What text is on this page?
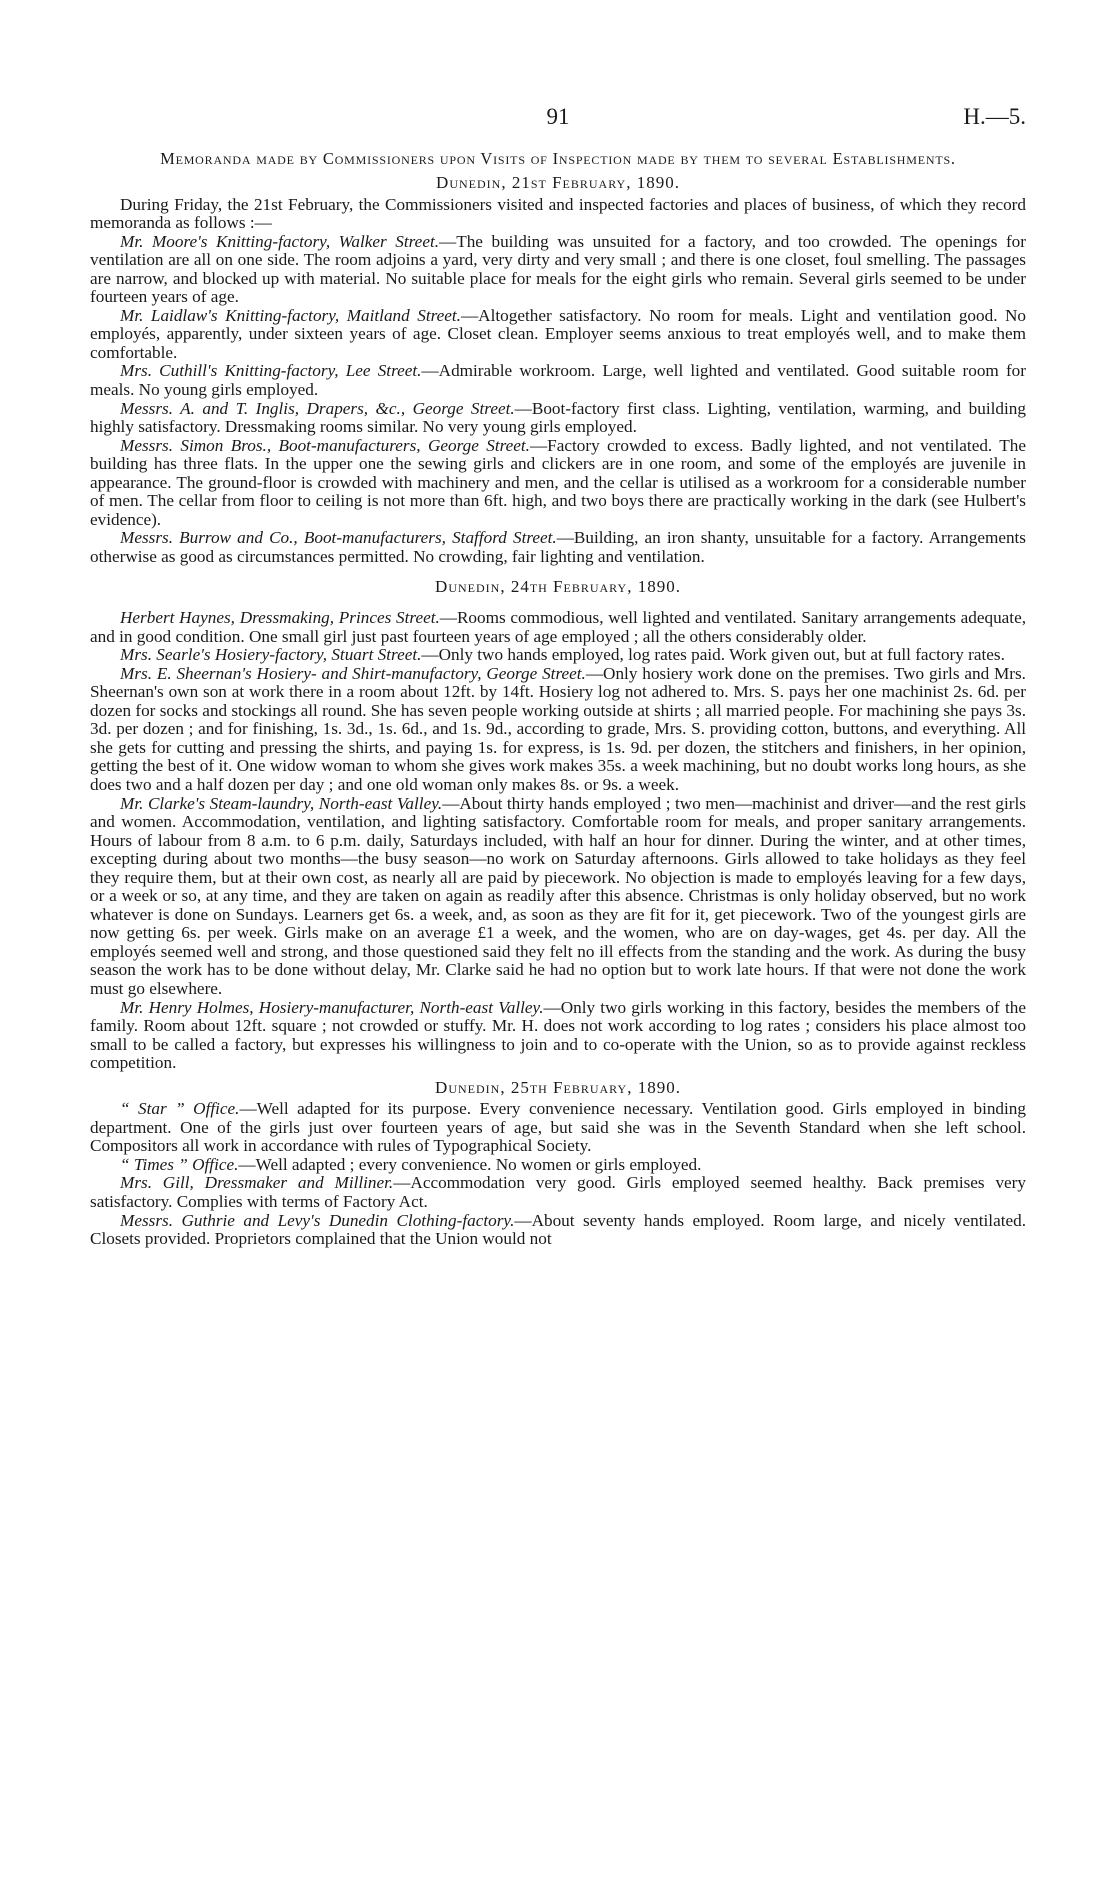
91	H.—5.
Memoranda made by Commissioners upon Visits of Inspection made by them to several Establishments.
Dunedin, 21st February, 1890.

During Friday, the 21st February, the Commissioners visited and inspected factories and places of business, of which they record memoranda as follows :—

Mr. Moore's Knitting-factory, Walker Street.—The building was unsuited for a factory, and too crowded. The openings for ventilation are all on one side. The room adjoins a yard, very dirty and very small ; and there is one closet, foul smelling. The passages are narrow, and blocked up with material. No suitable place for meals for the eight girls who remain. Several girls seemed to be under fourteen years of age.

Mr. Laidlaw's Knitting-factory, Maitland Street.—Altogether satisfactory. No room for meals. Light and ventilation good. No employés, apparently, under sixteen years of age. Closet clean. Employer seems anxious to treat employés well, and to make them comfortable.

Mrs. Cuthill's Knitting-factory, Lee Street.—Admirable workroom. Large, well lighted and ventilated. Good suitable room for meals. No young girls employed.

Messrs. A. and T. Inglis, Drapers, &c., George Street.—Boot-factory first class. Lighting, ventilation, warming, and building highly satisfactory. Dressmaking rooms similar. No very young girls employed.

Messrs. Simon Bros., Boot-manufacturers, George Street.—Factory crowded to excess. Badly lighted, and not ventilated. The building has three flats. In the upper one the sewing girls and clickers are in one room, and some of the employés are juvenile in appearance. The ground-floor is crowded with machinery and men, and the cellar is utilised as a workroom for a considerable number of men. The cellar from floor to ceiling is not more than 6ft. high, and two boys there are practically working in the dark (see Hulbert's evidence).

Messrs. Burrow and Co., Boot-manufacturers, Stafford Street.—Building, an iron shanty, unsuitable for a factory. Arrangements otherwise as good as circumstances permitted. No crowding, fair lighting and ventilation.

Dunedin, 24th February, 1890.

Herbert Haynes, Dressmaking, Princes Street.—Rooms commodious, well lighted and ventilated. Sanitary arrangements adequate, and in good condition. One small girl just past fourteen years of age employed ; all the others considerably older.

Mrs. Searle's Hosiery-factory, Stuart Street.—Only two hands employed, log rates paid. Work given out, but at full factory rates.

Mrs. E. Sheernan's Hosiery- and Shirt-manufactory, George Street.—Only hosiery work done on the premises. Two girls and Mrs. Sheernan's own son at work there in a room about 12ft. by 14ft. Hosiery log not adhered to. Mrs. S. pays her one machinist 2s. 6d. per dozen for socks and stockings all round. She has seven people working outside at shirts ; all married people. For machining she pays 3s. 3d. per dozen ; and for finishing, 1s. 3d., 1s. 6d., and 1s. 9d., according to grade, Mrs. S. providing cotton, buttons, and everything. All she gets for cutting and pressing the shirts, and paying 1s. for express, is 1s. 9d. per dozen, the stitchers and finishers, in her opinion, getting the best of it. One widow woman to whom she gives work makes 35s. a week machining, but no doubt works long hours, as she does two and a half dozen per day ; and one old woman only makes 8s. or 9s. a week.

Mr. Clarke's Steam-laundry, North-east Valley.—About thirty hands employed ; two men—machinist and driver—and the rest girls and women. Accommodation, ventilation, and lighting satisfactory. Comfortable room for meals, and proper sanitary arrangements. Hours of labour from 8 a.m. to 6 p.m. daily, Saturdays included, with half an hour for dinner. During the winter, and at other times, excepting during about two months—the busy season—no work on Saturday afternoons. Girls allowed to take holidays as they feel they require them, but at their own cost, as nearly all are paid by piecework. No objection is made to employés leaving for a few days, or a week or so, at any time, and they are taken on again as readily after this absence. Christmas is only holiday observed, but no work whatever is done on Sundays. Learners get 6s. a week, and, as soon as they are fit for it, get piecework. Two of the youngest girls are now getting 6s. per week. Girls make on an average £1 a week, and the women, who are on day-wages, get 4s. per day. All the employés seemed well and strong, and those questioned said they felt no ill effects from the standing and the work. As during the busy season the work has to be done without delay, Mr. Clarke said he had no option but to work late hours. If that were not done the work must go elsewhere.

Mr. Henry Holmes, Hosiery-manufacturer, North-east Valley.—Only two girls working in this factory, besides the members of the family. Room about 12ft. square ; not crowded or stuffy. Mr. H. does not work according to log rates ; considers his place almost too small to be called a factory, but expresses his willingness to join and to co-operate with the Union, so as to provide against reckless competition.

Dunedin, 25th February, 1890.

“ Star ” Office.—Well adapted for its purpose. Every convenience necessary. Ventilation good. Girls employed in binding department. One of the girls just over fourteen years of age, but said she was in the Seventh Standard when she left school. Compositors all work in accordance with rules of Typographical Society.

“ Times ” Office.—Well adapted ; every convenience. No women or girls employed.

Mrs. Gill, Dressmaker and Milliner.—Accommodation very good. Girls employed seemed healthy. Back premises very satisfactory. Complies with terms of Factory Act.

Messrs. Guthrie and Levy's Dunedin Clothing-factory.—About seventy hands employed. Room large, and nicely ventilated. Closets provided. Proprietors complained that the Union would not
